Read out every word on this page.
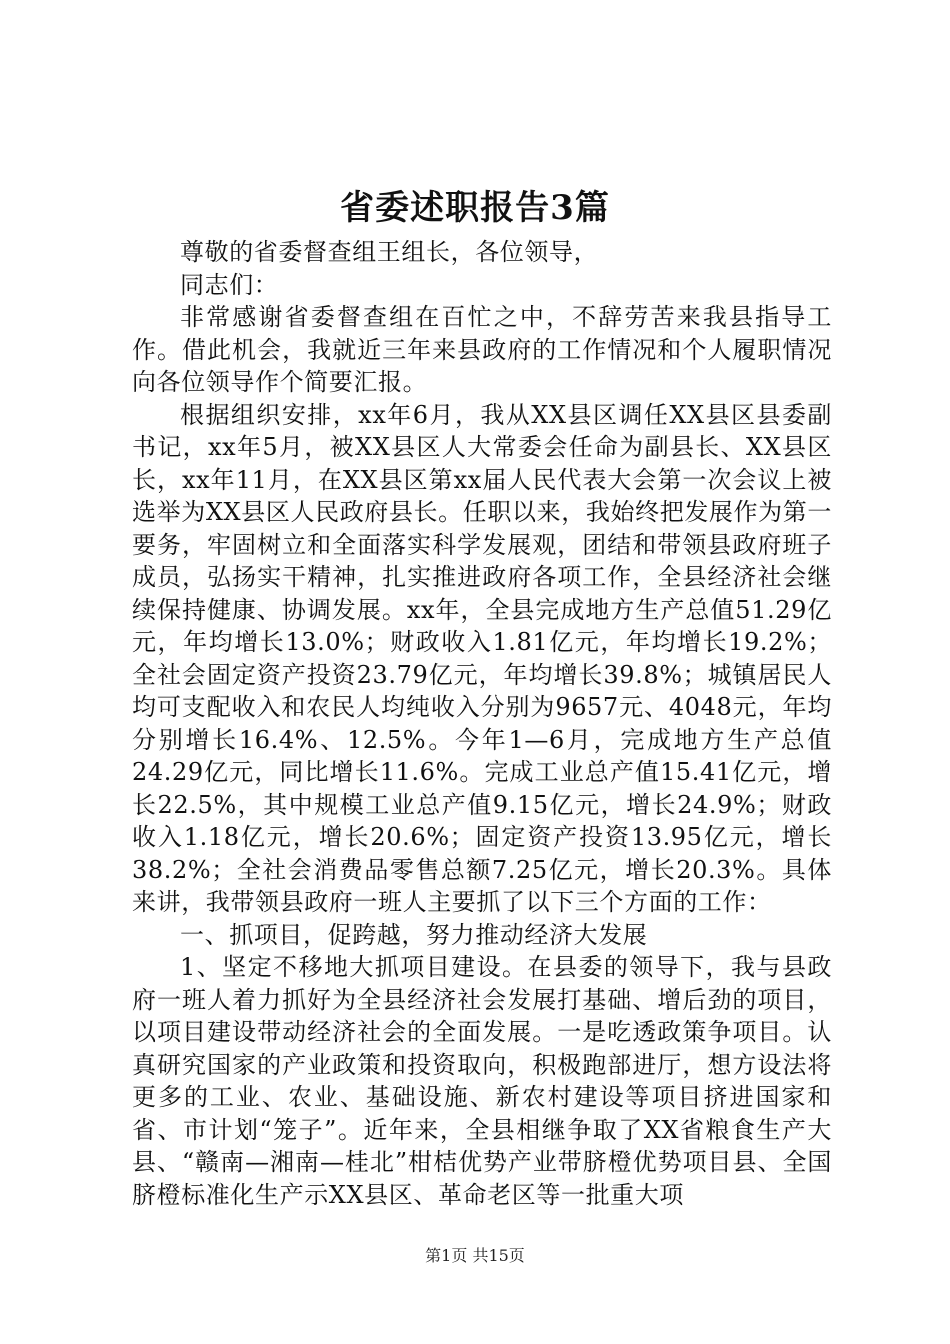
省委述职报告3篇

尊敬的省委督查组王组长，各位领导，

同志们：

非常感谢省委督查组在百忙之中，不辞劳苦来我县指导工作。借此机会，我就近三年来县政府的工作情况和个人履职情况向各位领导作个简要汇报。

根据组织安排，xx年6月，我从XX县区调任XX县区县委副书记，xx年5月，被XX县区人大常委会任命为副县长、XX县区长，xx年11月，在XX县区第xx届人民代表大会第一次会议上被选举为XX县区人民政府县长。任职以来，我始终把发展作为第一要务，牢固树立和全面落实科学发展观，团结和带领县政府班子成员，弘扬实干精神，扎实推进政府各项工作，全县经济社会继续保持健康、协调发展。xx年，全县完成地方生产总值51.29亿元，年均增长13.0%；财政收入1.81亿元，年均增长19.2%；全社会固定资产投资23.79亿元，年均增长39.8%；城镇居民人均可支配收入和农民人均纯收入分别为9657元、4048元，年均分别增长16.4%、12.5%。今年1—6月，完成地方生产总值24.29亿元，同比增长11.6%。完成工业总产值15.41亿元，增长22.5%，其中规模工业总产值9.15亿元，增长24.9%；财政收入1.18亿元，增长20.6%；固定资产投资13.95亿元，增长38.2%；全社会消费品零售总额7.25亿元，增长20.3%。具体来讲，我带领县政府一班人主要抓了以下三个方面的工作：

一、抓项目，促跨越，努力推动经济大发展

1、坚定不移地大抓项目建设。在县委的领导下，我与县政府一班人着力抓好为全县经济社会发展打基础、增后劲的项目，以项目建设带动经济社会的全面发展。一是吃透政策争项目。认真研究国家的产业政策和投资取向，积极跑部进厅，想方设法将更多的工业、农业、基础设施、新农村建设等项目挤进国家和省、市计划“笼子”。近年来，全县相继争取了XX省粮食生产大县、“赣南—湘南—桂北”柑桔优势产业带脐橙优势项目县、全国脐橙标准化生产示XX县区、革命老区等一批重大项

第1页 共15页
